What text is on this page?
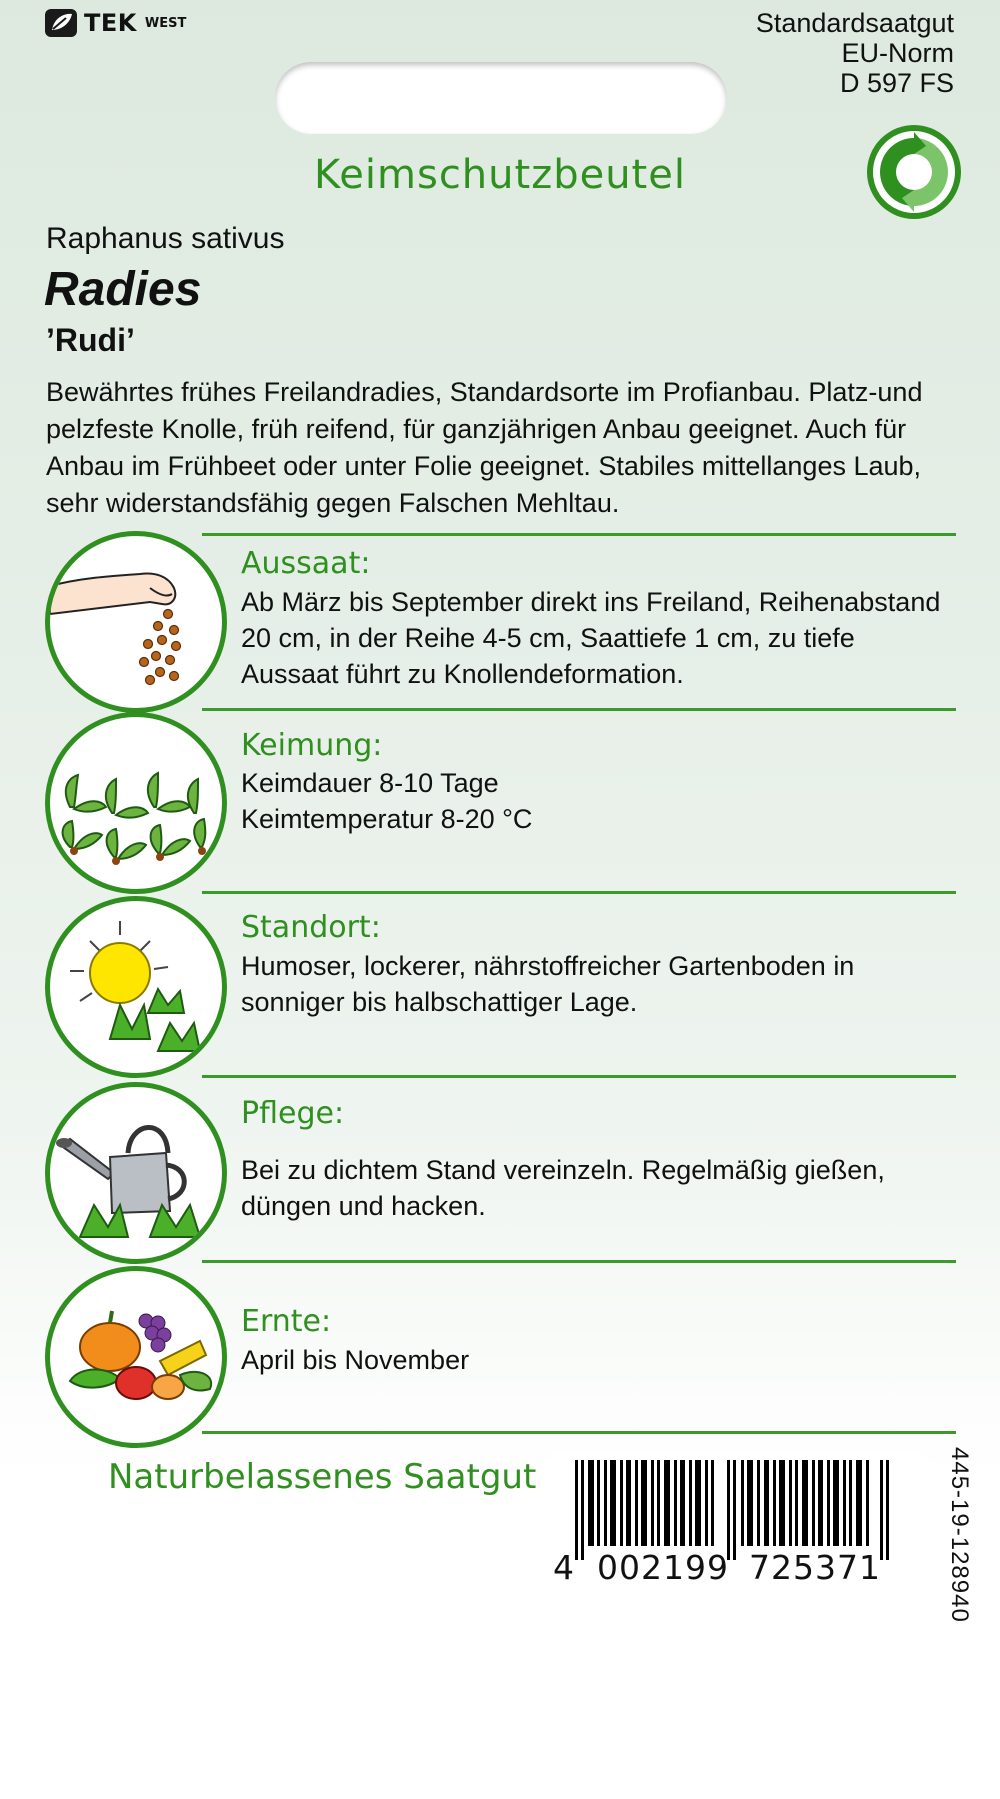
TEK WEST	Standardsaatgut
EU-Norm
D 597 FS
Keimschutzbeutel
Raphanus sativus
Radies
’Rudi’
Bewährtes frühes Freilandradies, Standardsorte im Profianbau. Platz-und pelzfeste Knolle, früh reifend, für ganzjährigen Anbau geeignet. Auch für Anbau im Frühbeet oder unter Folie geeignet. Stabiles mittellanges Laub, sehr widerstandsfähig gegen Falschen Mehltau.
Aussaat:
Ab März bis September direkt ins Freiland, Reihenabstand 20 cm, in der Reihe 4-5 cm, Saattiefe 1 cm, zu tiefe Aussaat führt zu Knollendeformation.
Keimung:
Keimdauer 8-10 Tage
Keimtemperatur 8-20 °C
Standort:
Humoser, lockerer, nährstoffreicher Gartenboden in sonniger bis halbschattiger Lage.
Pflege:
Bei zu dichtem Stand vereinzeln. Regelmäßig gießen, düngen und hacken.
Ernte:
April bis November
Naturbelassenes Saatgut
4 002199 725371	445-19-128940
